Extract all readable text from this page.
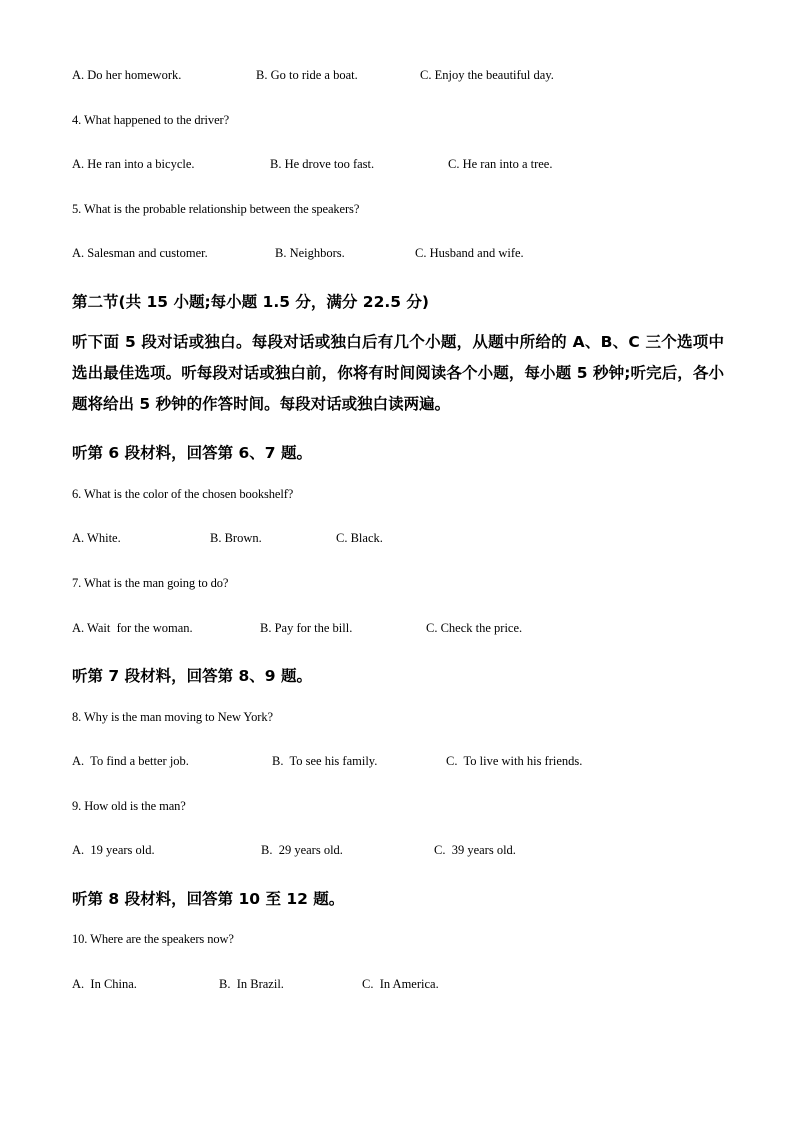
A. Do her homework.	B. Go to ride a boat.	C. Enjoy the beautiful day.
4. What happened to the driver?
A. He ran into a bicycle.	B. He drove too fast.	C. He ran into a tree.
5. What is the probable relationship between the speakers?
A. Salesman and customer.	B. Neighbors.	C. Husband and wife.
第二节(共 15 小题;每小题 1.5 分，满分 22.5 分)
听下面 5 段对话或独白。每段对话或独白后有几个小题，从题中所给的 A、B、C 三个选项中选出最佳选项。听每段对话或独白前，你将有时间阅读各个小题，每小题 5 秒钟;听完后，各小题将给出 5 秒钟的作答时间。每段对话或独白读两遍。
听第 6 段材料，回答第 6、7 题。
6. What is the color of the chosen bookshelf?
A. White.	B. Brown.	C. Black.
7. What is the man going to do?
A. Wait  for the woman.	B. Pay for the bill.	C. Check the price.
听第 7 段材料，回答第 8、9 题。
8. Why is the man moving to New York?
A.  To find a better job.	B.  To see his family.	C.  To live with his friends.
9. How old is the man?
A.  19 years old.	B.  29 years old.	C.  39 years old.
听第 8 段材料，回答第 10 至 12 题。
10. Where are the speakers now?
A.  In China.	B.  In Brazil.	C.  In America.
